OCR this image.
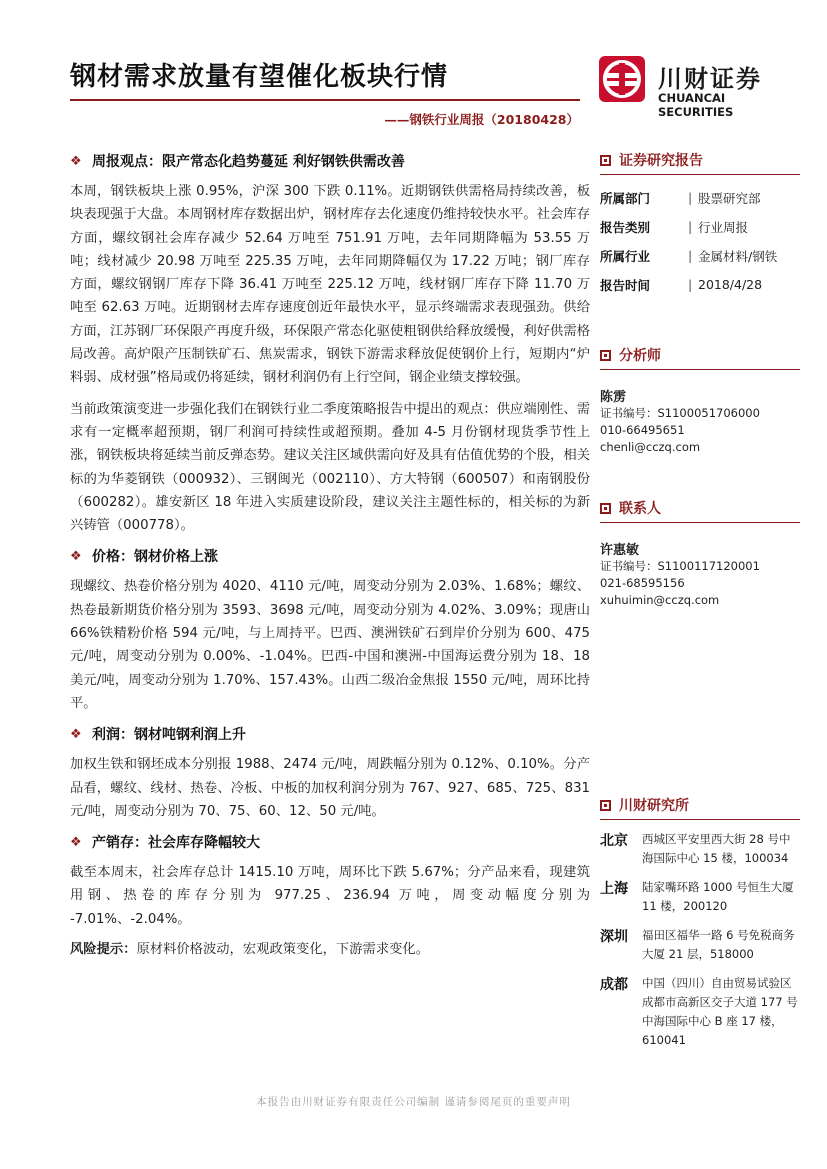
钢材需求放量有望催化板块行情
——钢铁行业周报（20180428）
川财证券
CHUANCAI SECURITIES
❖ 周报观点：限产常态化趋势蔓延 利好钢铁供需改善

本周，钢铁板块上涨 0.95%，沪深 300 下跌 0.11%。近期钢铁供需格局持续改善，板块表现强于大盘。本周钢材库存数据出炉，钢材库存去化速度仍维持较快水平。社会库存方面，螺纹钢社会库存减少 52.64 万吨至 751.91 万吨，去年同期降幅为 53.55 万吨；线材减少 20.98 万吨至 225.35 万吨，去年同期降幅仅为 17.22 万吨；钢厂库存方面，螺纹钢钢厂库存下降 36.41 万吨至 225.12 万吨，线材钢厂库存下降 11.70 万吨至 62.63 万吨。近期钢材去库存速度创近年最快水平，显示终端需求表现强劲。供给方面，江苏钢厂环保限产再度升级，环保限产常态化驱使粗钢供给释放缓慢，利好供需格局改善。高炉限产压制铁矿石、焦炭需求，钢铁下游需求释放促使钢价上行，短期内“炉料弱、成材强”格局或仍将延续，钢材利润仍有上行空间，钢企业绩支撑较强。

当前政策演变进一步强化我们在钢铁行业二季度策略报告中提出的观点：供应端刚性、需求有一定概率超预期，钢厂利润可持续性或超预期。叠加 4-5 月份钢材现货季节性上涨，钢铁板块将延续当前反弹态势。建议关注区域供需向好及具有估值优势的个股，相关标的为华菱钢铁（000932）、三钢闽光（002110）、方大特钢（600507）和南钢股份（600282）。雄安新区 18 年进入实质建设阶段，建议关注主题性标的，相关标的为新兴铸管（000778）。

❖ 价格：钢材价格上涨

现螺纹、热卷价格分别为 4020、4110 元/吨，周变动分别为 2.03%、1.68%；螺纹、热卷最新期货价格分别为 3593、3698 元/吨，周变动分别为 4.02%、3.09%；现唐山 66%铁精粉价格 594 元/吨，与上周持平。巴西、澳洲铁矿石到岸价分别为 600、475 元/吨，周变动分别为 0.00%、-1.04%。巴西-中国和澳洲-中国海运费分别为 18、18 美元/吨，周变动分别为 1.70%、157.43%。山西二级冶金焦报 1550 元/吨，周环比持平。

❖ 利润：钢材吨钢利润上升

加权生铁和钢坯成本分别报 1988、2474 元/吨，周跌幅分别为 0.12%、0.10%。分产品看，螺纹、线材、热卷、冷板、中板的加权利润分别为 767、927、685、725、831 元/吨，周变动分别为 70、75、60、12、50 元/吨。

❖ 产销存：社会库存降幅较大

截至本周末，社会库存总计 1415.10 万吨，周环比下跌 5.67%；分产品来看，现建筑用钢、热卷的库存分别为 977.25、236.94 万吨，周变动幅度分别为 -7.01%、-2.04%。

风险提示：原材料价格波动，宏观政策变化，下游需求变化。
证券研究报告
所属部门	| 股票研究部
报告类别	| 行业周报
所属行业	| 金属材料/钢铁
报告时间	| 2018/4/28
分析师
陈雳
证书编号：S1100051706000
010-66495651
chenli@cczq.com
联系人
许惠敏
证书编号：S1100117120001
021-68595156
xuhuimin@cczq.com
川财研究所
北京	西城区平安里西大街 28 号中海国际中心 15 楼，100034
上海	陆家嘴环路 1000 号恒生大厦 11 楼，200120
深圳	福田区福华一路 6 号免税商务大厦 21 层，518000
成都	中国（四川）自由贸易试验区成都市高新区交子大道 177 号中海国际中心 B 座 17 楼，610041
本报告由川财证券有限责任公司编制 谨请参阅尾页的重要声明
